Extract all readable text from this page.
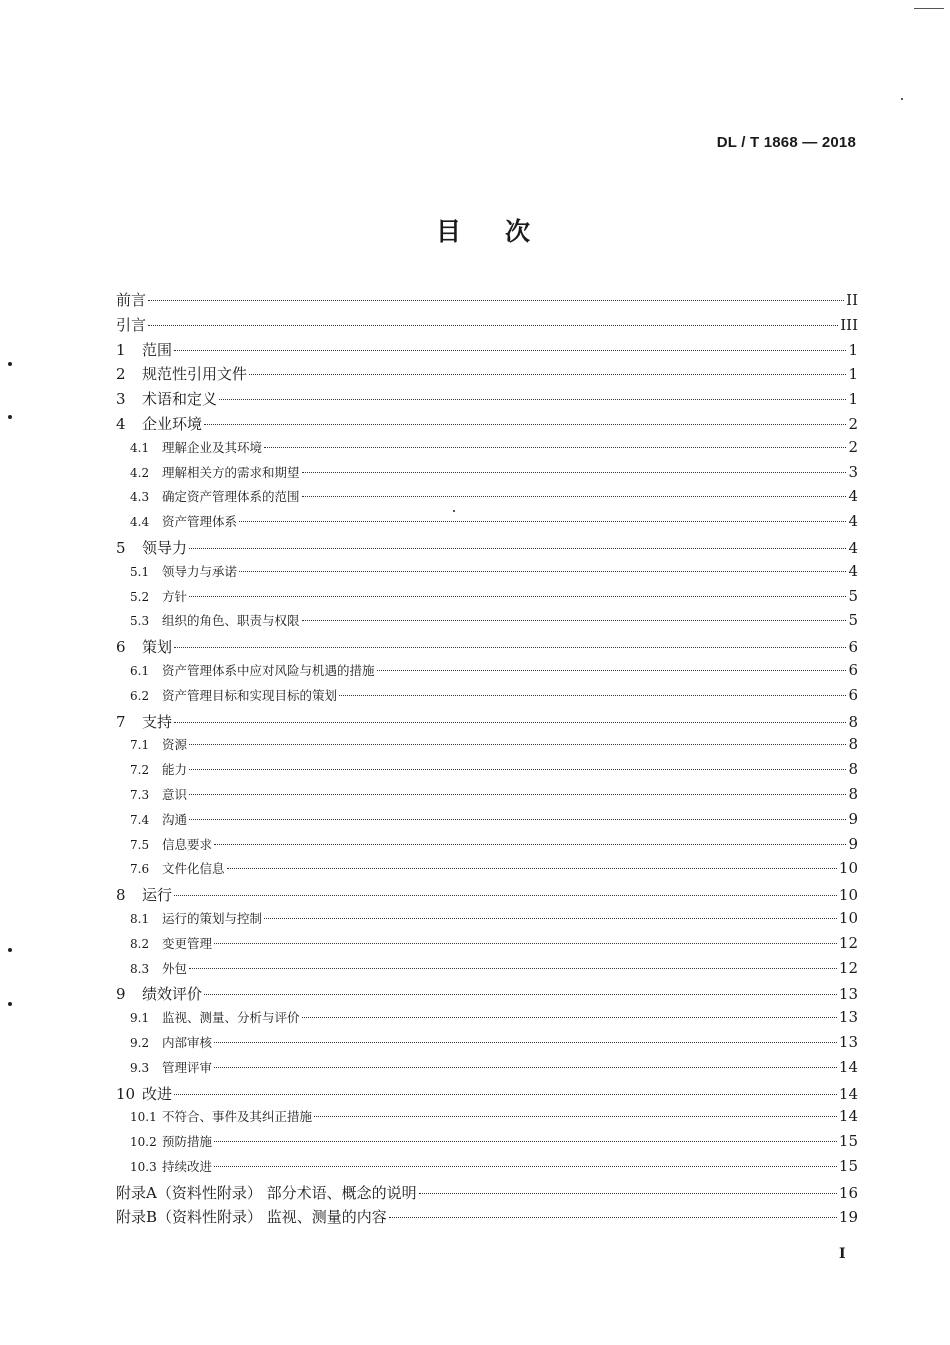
DL / T 1868 — 2018
目次
前言	II
引言	III
1	范围	1
2	规范性引用文件	1
3	术语和定义	1
4	企业环境	2
4.1	理解企业及其环境	2
4.2	理解相关方的需求和期望	3
4.3	确定资产管理体系的范围	4
4.4	资产管理体系	4
5	领导力	4
5.1	领导力与承诺	4
5.2	方针	5
5.3	组织的角色、职责与权限	5
6	策划	6
6.1	资产管理体系中应对风险与机遇的措施	6
6.2	资产管理目标和实现目标的策划	6
7	支持	8
7.1	资源	8
7.2	能力	8
7.3	意识	8
7.4	沟通	9
7.5	信息要求	9
7.6	文件化信息	10
8	运行	10
8.1	运行的策划与控制	10
8.2	变更管理	12
8.3	外包	12
9	绩效评价	13
9.1	监视、测量、分析与评价	13
9.2	内部审核	13
9.3	管理评审	14
10 改进	14
10.1 不符合、事件及其纠正措施	14
10.2 预防措施	15
10.3 持续改进	15
附录A（资料性附录） 部分术语、概念的说明	16
附录B（资料性附录） 监视、测量的内容	19
I
